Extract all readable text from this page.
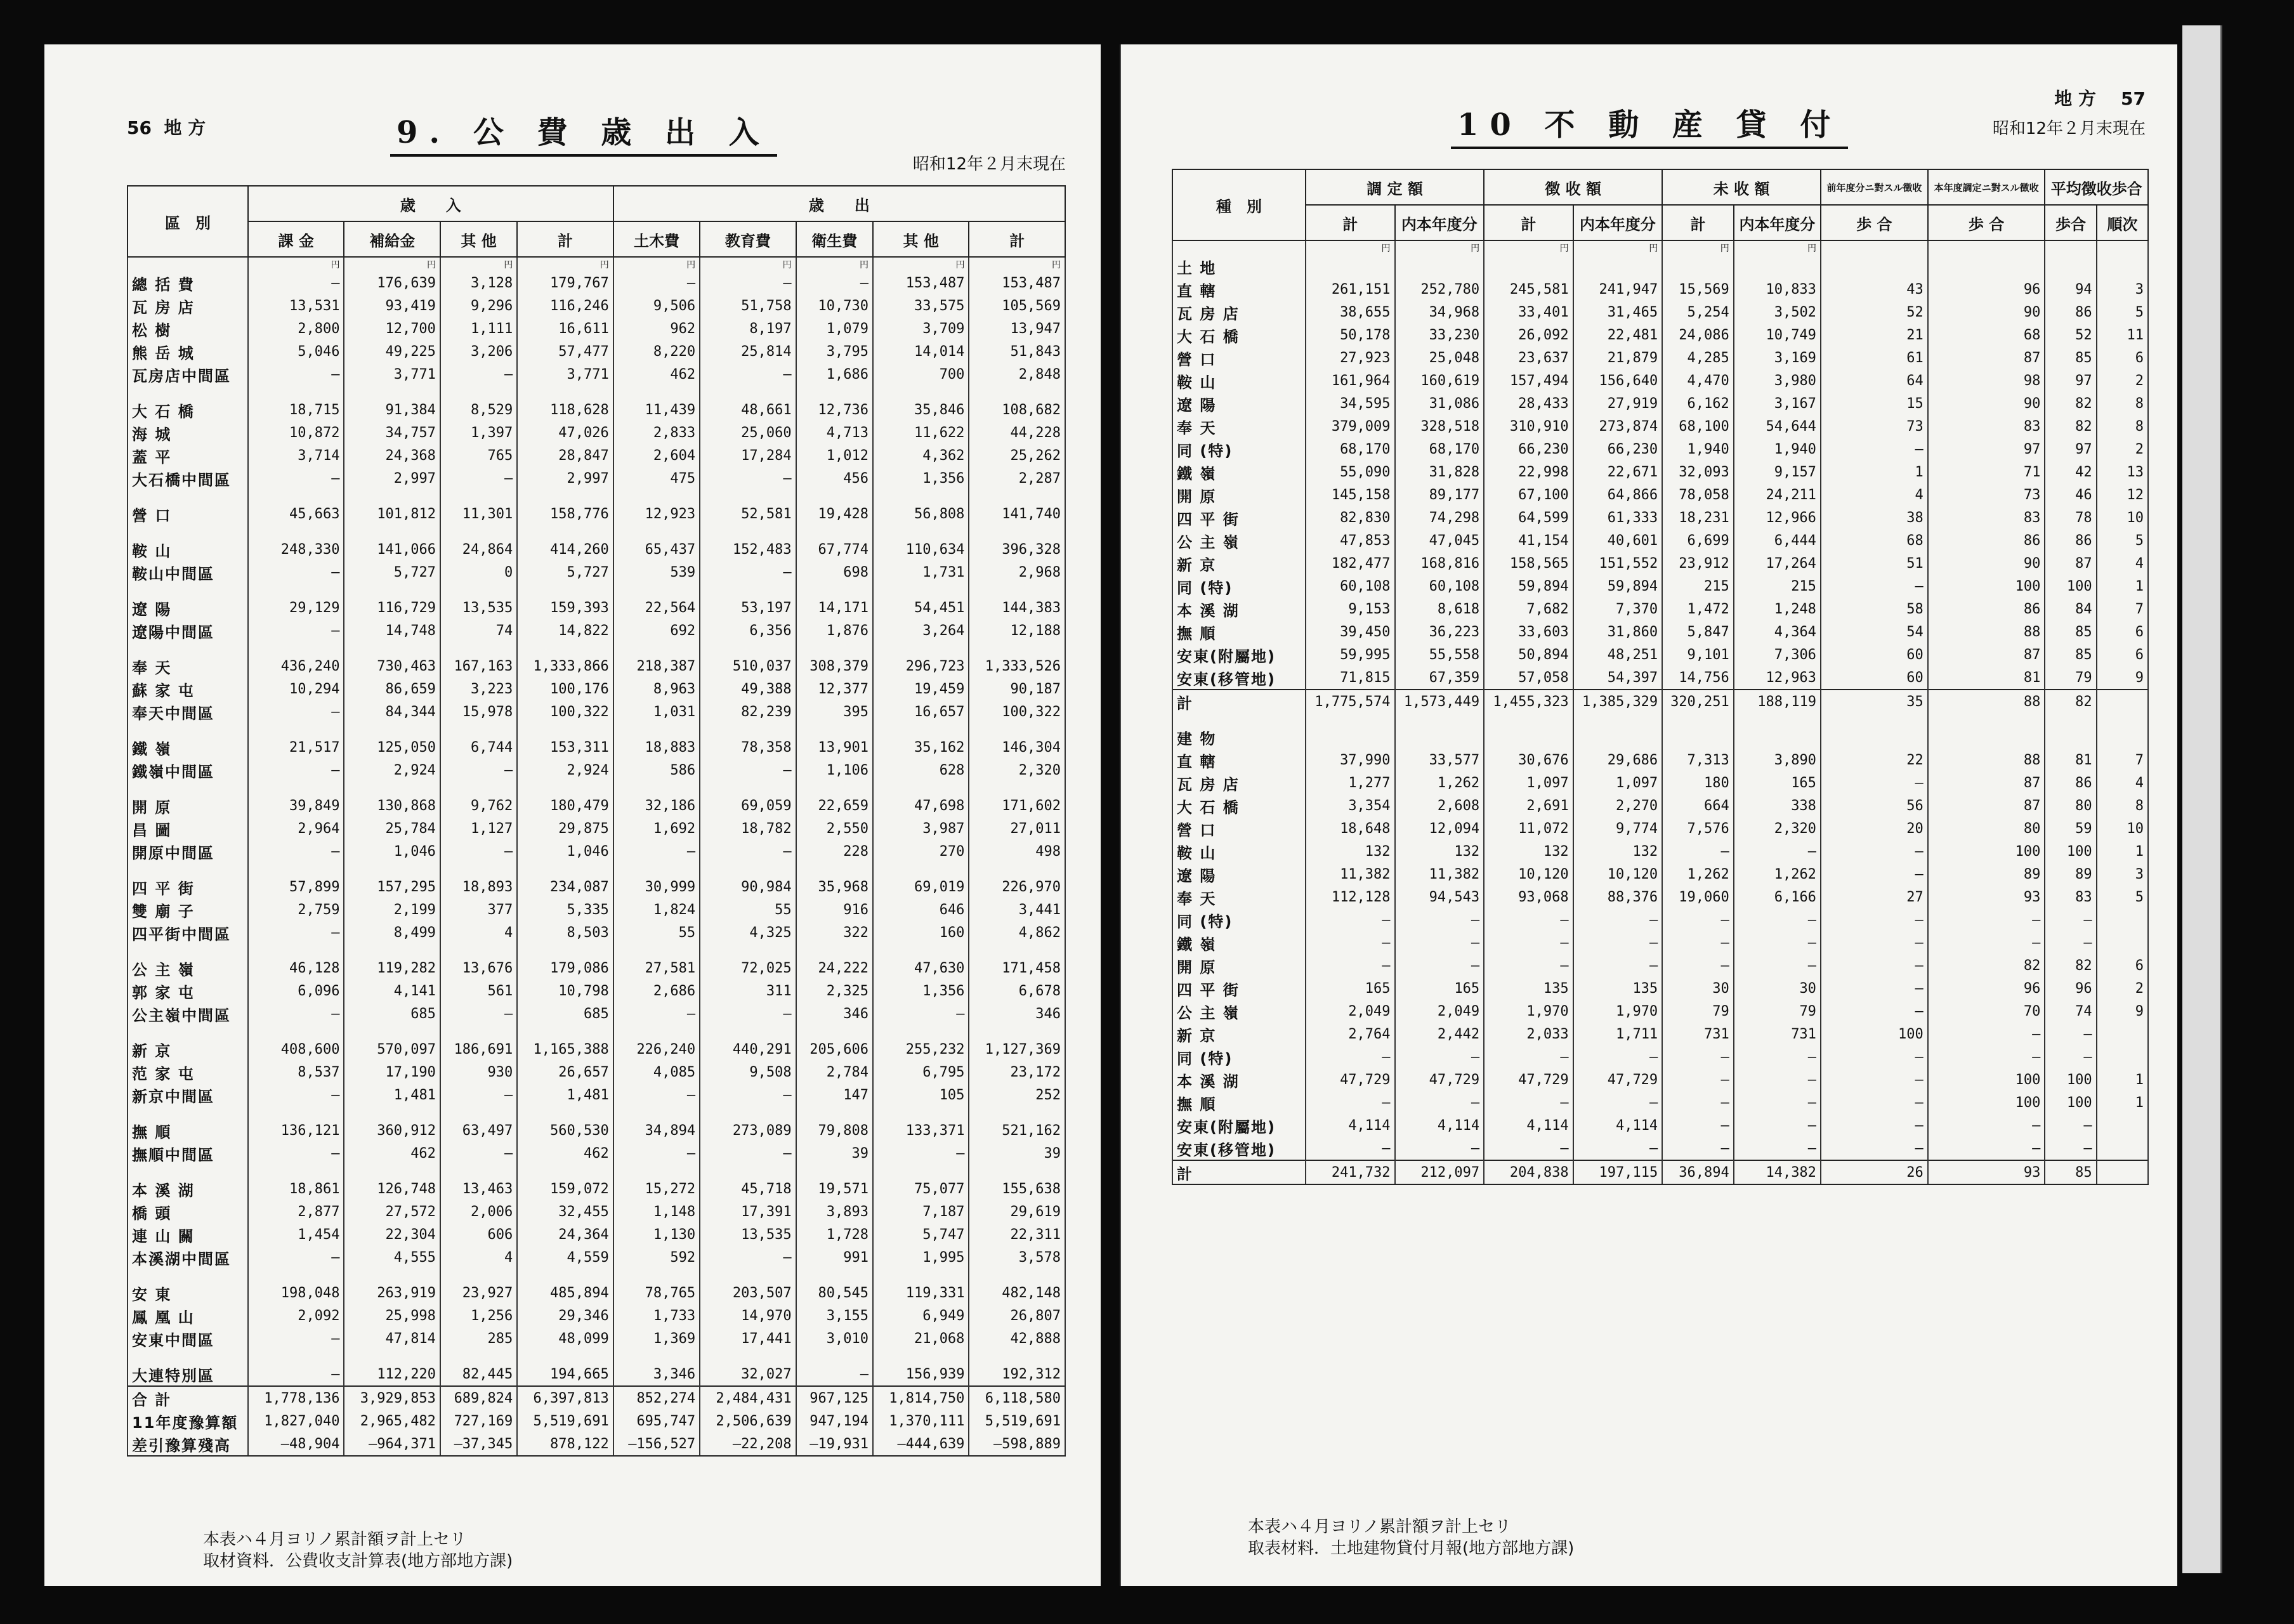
56 地 方	9. 公 費 歳 出 入
昭和12年２月末現在
區　別	歳　　入				歳　　出				
	課 金	補給金	其 他	計	土木費	教育費	衛生費	其 他	計
	円	円	円	円	円	円	円	円	円
總 括 費	—	176,639	3,128	179,767	—	—	—	153,487	153,487
瓦 房 店	13,531	93,419	9,296	116,246	9,506	51,758	10,730	33,575	105,569
松 樹	2,800	12,700	1,111	16,611	962	8,197	1,079	3,709	13,947
熊 岳 城	5,046	49,225	3,206	57,477	8,220	25,814	3,795	14,014	51,843
瓦房店中間區	—	3,771	—	3,771	462	—	1,686	700	2,848

大 石 橋	18,715	91,384	8,529	118,628	11,439	48,661	12,736	35,846	108,682
海 城	10,872	34,757	1,397	47,026	2,833	25,060	4,713	11,622	44,228
蓋 平	3,714	24,368	765	28,847	2,604	17,284	1,012	4,362	25,262
大石橋中間區	—	2,997	—	2,997	475	—	456	1,356	2,287

營 口	45,663	101,812	11,301	158,776	12,923	52,581	19,428	56,808	141,740

鞍 山	248,330	141,066	24,864	414,260	65,437	152,483	67,774	110,634	396,328
鞍山中間區	—	5,727	0	5,727	539	—	698	1,731	2,968

遼 陽	29,129	116,729	13,535	159,393	22,564	53,197	14,171	54,451	144,383
遼陽中間區	—	14,748	74	14,822	692	6,356	1,876	3,264	12,188

奉 天	436,240	730,463	167,163	1,333,866	218,387	510,037	308,379	296,723	1,333,526
蘇 家 屯	10,294	86,659	3,223	100,176	8,963	49,388	12,377	19,459	90,187
奉天中間區	—	84,344	15,978	100,322	1,031	82,239	395	16,657	100,322

鐵 嶺	21,517	125,050	6,744	153,311	18,883	78,358	13,901	35,162	146,304
鐵嶺中間區	—	2,924	—	2,924	586	—	1,106	628	2,320

開 原	39,849	130,868	9,762	180,479	32,186	69,059	22,659	47,698	171,602
昌 圖	2,964	25,784	1,127	29,875	1,692	18,782	2,550	3,987	27,011
開原中間區	—	1,046	—	1,046	—	—	228	270	498

四 平 街	57,899	157,295	18,893	234,087	30,999	90,984	35,968	69,019	226,970
雙 廟 子	2,759	2,199	377	5,335	1,824	55	916	646	3,441
四平街中間區	—	8,499	4	8,503	55	4,325	322	160	4,862

公 主 嶺	46,128	119,282	13,676	179,086	27,581	72,025	24,222	47,630	171,458
郭 家 屯	6,096	4,141	561	10,798	2,686	311	2,325	1,356	6,678
公主嶺中間區	—	685	—	685	—	—	346	—	346

新 京	408,600	570,097	186,691	1,165,388	226,240	440,291	205,606	255,232	1,127,369
范 家 屯	8,537	17,190	930	26,657	4,085	9,508	2,784	6,795	23,172
新京中間區	—	1,481	—	1,481	—	—	147	105	252

撫 順	136,121	360,912	63,497	560,530	34,894	273,089	79,808	133,371	521,162
撫順中間區	—	462	—	462	—	—	39	—	39

本 溪 湖	18,861	126,748	13,463	159,072	15,272	45,718	19,571	75,077	155,638
橋 頭	2,877	27,572	2,006	32,455	1,148	17,391	3,893	7,187	29,619
連 山 關	1,454	22,304	606	24,364	1,130	13,535	1,728	5,747	22,311
本溪湖中間區	—	4,555	4	4,559	592	—	991	1,995	3,578

安 東	198,048	263,919	23,927	485,894	78,765	203,507	80,545	119,331	482,148
鳳 凰 山	2,092	25,998	1,256	29,346	1,733	14,970	3,155	6,949	26,807
安東中間區	—	47,814	285	48,099	1,369	17,441	3,010	21,068	42,888

大連特別區	—	112,220	82,445	194,665	3,346	32,027	—	156,939	192,312
合 計	1,778,136	3,929,853	689,824	6,397,813	852,274	2,484,431	967,125	1,814,750	6,118,580
11年度豫算額	1,827,040	2,965,482	727,169	5,519,691	695,747	2,506,639	947,194	1,370,111	5,519,691
差引豫算殘高	—48,904	—964,371	—37,345	878,122	—156,527	—22,208	—19,931	—444,639	—598,889
本表ハ４月ヨリノ累計額ヲ計上セリ
取材資料．公費收支計算表(地方部地方課)
10 不 動 産 貸 付
地 方 57
昭和12年２月末現在
種　別	調 定 額		徴 收 額		未 收 額		前年度分ニ對スル徴收	本年度調定ニ對スル徴收	平均徴收歩合	
	計	内本年度分	計	内本年度分	計	内本年度分	歩 合	歩 合	歩合	順次
	円	円	円	円	円	円				
土 地										
直 轄	261,151	252,780	245,581	241,947	15,569	10,833	43	96	94	3
瓦 房 店	38,655	34,968	33,401	31,465	5,254	3,502	52	90	86	5
大 石 橋	50,178	33,230	26,092	22,481	24,086	10,749	21	68	52	11
營 口	27,923	25,048	23,637	21,879	4,285	3,169	61	87	85	6
鞍 山	161,964	160,619	157,494	156,640	4,470	3,980	64	98	97	2
遼 陽	34,595	31,086	28,433	27,919	6,162	3,167	15	90	82	8
奉 天	379,009	328,518	310,910	273,874	68,100	54,644	73	83	82	8
同 (特)	68,170	68,170	66,230	66,230	1,940	1,940	—	97	97	2
鐵 嶺	55,090	31,828	22,998	22,671	32,093	9,157	1	71	42	13
開 原	145,158	89,177	67,100	64,866	78,058	24,211	4	73	46	12
四 平 街	82,830	74,298	64,599	61,333	18,231	12,966	38	83	78	10
公 主 嶺	47,853	47,045	41,154	40,601	6,699	6,444	68	86	86	5
新 京	182,477	168,816	158,565	151,552	23,912	17,264	51	90	87	4
同 (特)	60,108	60,108	59,894	59,894	215	215	—	100	100	1
本 溪 湖	9,153	8,618	7,682	7,370	1,472	1,248	58	86	84	7
撫 順	39,450	36,223	33,603	31,860	5,847	4,364	54	88	85	6
安東(附屬地)	59,995	55,558	50,894	48,251	9,101	7,306	60	87	85	6
安東(移管地)	71,815	67,359	57,058	54,397	14,756	12,963	60	81	79	9
計	1,775,574	1,573,449	1,455,323	1,385,329	320,251	188,119	35	88	82	

建 物										
直 轄	37,990	33,577	30,676	29,686	7,313	3,890	22	88	81	7
瓦 房 店	1,277	1,262	1,097	1,097	180	165	—	87	86	4
大 石 橋	3,354	2,608	2,691	2,270	664	338	56	87	80	8
營 口	18,648	12,094	11,072	9,774	7,576	2,320	20	80	59	10
鞍 山	132	132	132	132	—	—	—	100	100	1
遼 陽	11,382	11,382	10,120	10,120	1,262	1,262	—	89	89	3
奉 天	112,128	94,543	93,068	88,376	19,060	6,166	27	93	83	5
同 (特)	—	—	—	—	—	—	—	—	—	
鐵 嶺	—	—	—	—	—	—	—	—	—	
開 原	—	—	—	—	—	—	—	82	82	6
四 平 街	165	165	135	135	30	30	—	96	96	2
公 主 嶺	2,049	2,049	1,970	1,970	79	79	—	70	74	9
新 京	2,764	2,442	2,033	1,711	731	731	100	—	—	
同 (特)	—	—	—	—	—	—	—	—	—	
本 溪 湖	47,729	47,729	47,729	47,729	—	—	—	100	100	1
撫 順	—	—	—	—	—	—	—	100	100	1
安東(附屬地)	4,114	4,114	4,114	4,114	—	—	—	—	—	
安東(移管地)	—	—	—	—	—	—	—	—	—	
計	241,732	212,097	204,838	197,115	36,894	14,382	26	93	85	
本表ハ４月ヨリノ累計額ヲ計上セリ
取表材料．土地建物貸付月報(地方部地方課)
